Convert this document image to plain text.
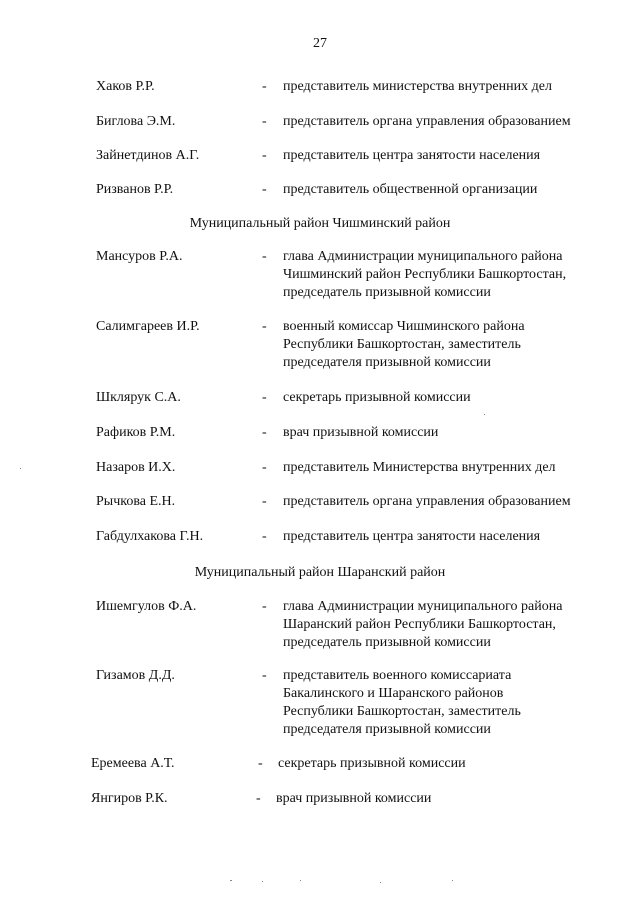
27
Хаков Р.Р.	- представитель министерства внутренних дел
Биглова Э.М.	- представитель органа управления образованием
Зайнетдинов А.Г.	- представитель центра занятости населения
Ризванов Р.Р.	- представитель общественной организации
Муниципальный район Чишминский район
Мансуров Р.А.	- глава Администрации муниципального района
Чишминский район Республики Башкортостан,
председатель призывной комиссии
Салимгареев И.Р.	- военный комиссар Чишминского района
Республики Башкортостан, заместитель
председателя призывной комиссии
Шклярук С.А.	- секретарь призывной комиссии
Рафиков Р.М.	- врач призывной комиссии
Назаров И.Х.	- представитель Министерства внутренних дел
Рычкова Е.Н.	- представитель органа управления образованием
Габдулхакова Г.Н.	- представитель центра занятости населения
Муниципальный район Шаранский район
Ишемгулов Ф.А.	- глава Администрации муниципального района
Шаранский район Республики Башкортостан,
председатель призывной комиссии
Гизамов Д.Д.	- представитель военного комиссариата
Бакалинского и Шаранского районов
Республики Башкортостан, заместитель
председателя призывной комиссии
Еремеева А.Т.	- секретарь призывной комиссии
Янгиров Р.К.	- врач призывной комиссии
